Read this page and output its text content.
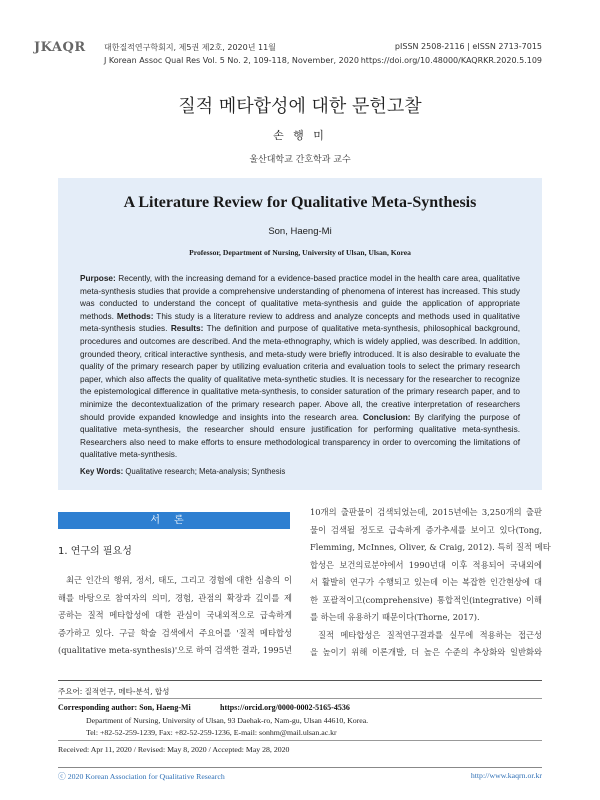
JKAQR 대한질적연구학회지, 제5권 제2호, 2020년 11월
J Korean Assoc Qual Res Vol. 5 No. 2, 109-118, November, 2020
pISSN 2508-2116 | eISSN 2713-7015
https://doi.org/10.48000/KAQRKR.2020.5.109
질적 메타합성에 대한 문헌고찰
손 행 미
울산대학교 간호학과 교수
A Literature Review for Qualitative Meta-Synthesis
Son, Haeng-Mi
Professor, Department of Nursing, University of Ulsan, Ulsan, Korea
Purpose: Recently, with the increasing demand for a evidence-based practice model in the health care area, qualitative meta-synthesis studies that provide a comprehensive understanding of phenomena of interest has increased. This study was conducted to understand the concept of qualitative meta-synthesis and guide the application of appropriate methods. Methods: This study is a literature review to address and analyze concepts and methods used in qualitative meta-synthesis studies. Results: The definition and purpose of qualitative meta-synthesis, philosophical background, procedures and outcomes are described. And the meta-ethnography, which is widely applied, was described. In addition, grounded theory, critical interactive synthesis, and meta-study were briefly introduced. It is also desirable to evaluate the quality of the primary research paper by utilizing evaluation criteria and evaluation tools to select the primary research paper, which also affects the quality of qualitative meta-synthetic studies. It is necessary for the researcher to recognize the epistemological difference in qualitative meta-synthesis, to consider saturation of the primary research paper, and to minimize the decontextualization of the primary research paper. Above all, the creative interpretation of researchers should provide expanded knowledge and insights into the research area. Conclusion: By clarifying the purpose of qualitative meta-synthesis, the researcher should ensure justification for performing qualitative meta-synthesis. Researchers also need to make efforts to ensure methodological transparency in order to overcoming the limitations of qualitative meta-synthesis.
Key Words: Qualitative research; Meta-analysis; Synthesis
서론
1. 연구의 필요성
최근 인간의 행위, 정서, 태도, 그리고 경험에 대한 심층의 이
해를 바탕으로 참여자의 의미, 경험, 관점의 확장과 깊이를 제
공하는 질적 메타합성에 대한 관심이 국내외적으로 급속하게
증가하고 있다. 구글 학술 검색에서 주요어를 '질적 메타합성
(qualitative meta-synthesis)'으로 하여 검색한 결과, 1995년
10개의 출판물이 검색되었는데, 2015년에는 3,250개의 출판
물이 검색될 정도로 급속하게 증가추세를 보이고 있다(Tong,
Flemming, McInnes, Oliver, & Craig, 2012). 특히 질적 메타
합성은 보건의료분야에서 1990년대 이후 적용되어 국내외에
서 활발히 연구가 수행되고 있는데 이는 복잡한 인간현상에 대
한 포괄적이고(comprehensive) 통합적인(integrative) 이해
를 하는데 유용하기 때문이다(Thorne, 2017).
질적 메타합성은 질적연구결과를 실무에 적용하는 접근성
을 높이기 위해 이론개발, 더 높은 수준의 추상화와 일반화와
주요어: 질적연구, 메타-분석, 합성
Corresponding author: Son, Haeng-Mi	https://orcid.org/0000-0002-5165-4536
Department of Nursing, University of Ulsan, 93 Daehak-ro, Nam-gu, Ulsan 44610, Korea.
Tel: +82-52-259-1239, Fax: +82-52-259-1236, E-mail: sonhm@mail.ulsan.ac.kr
Received: Apr 11, 2020 / Revised: May 8, 2020 / Accepted: May 28, 2020
ⓒ 2020 Korean Association for Qualitative Research	http://www.kaqrn.or.kr
